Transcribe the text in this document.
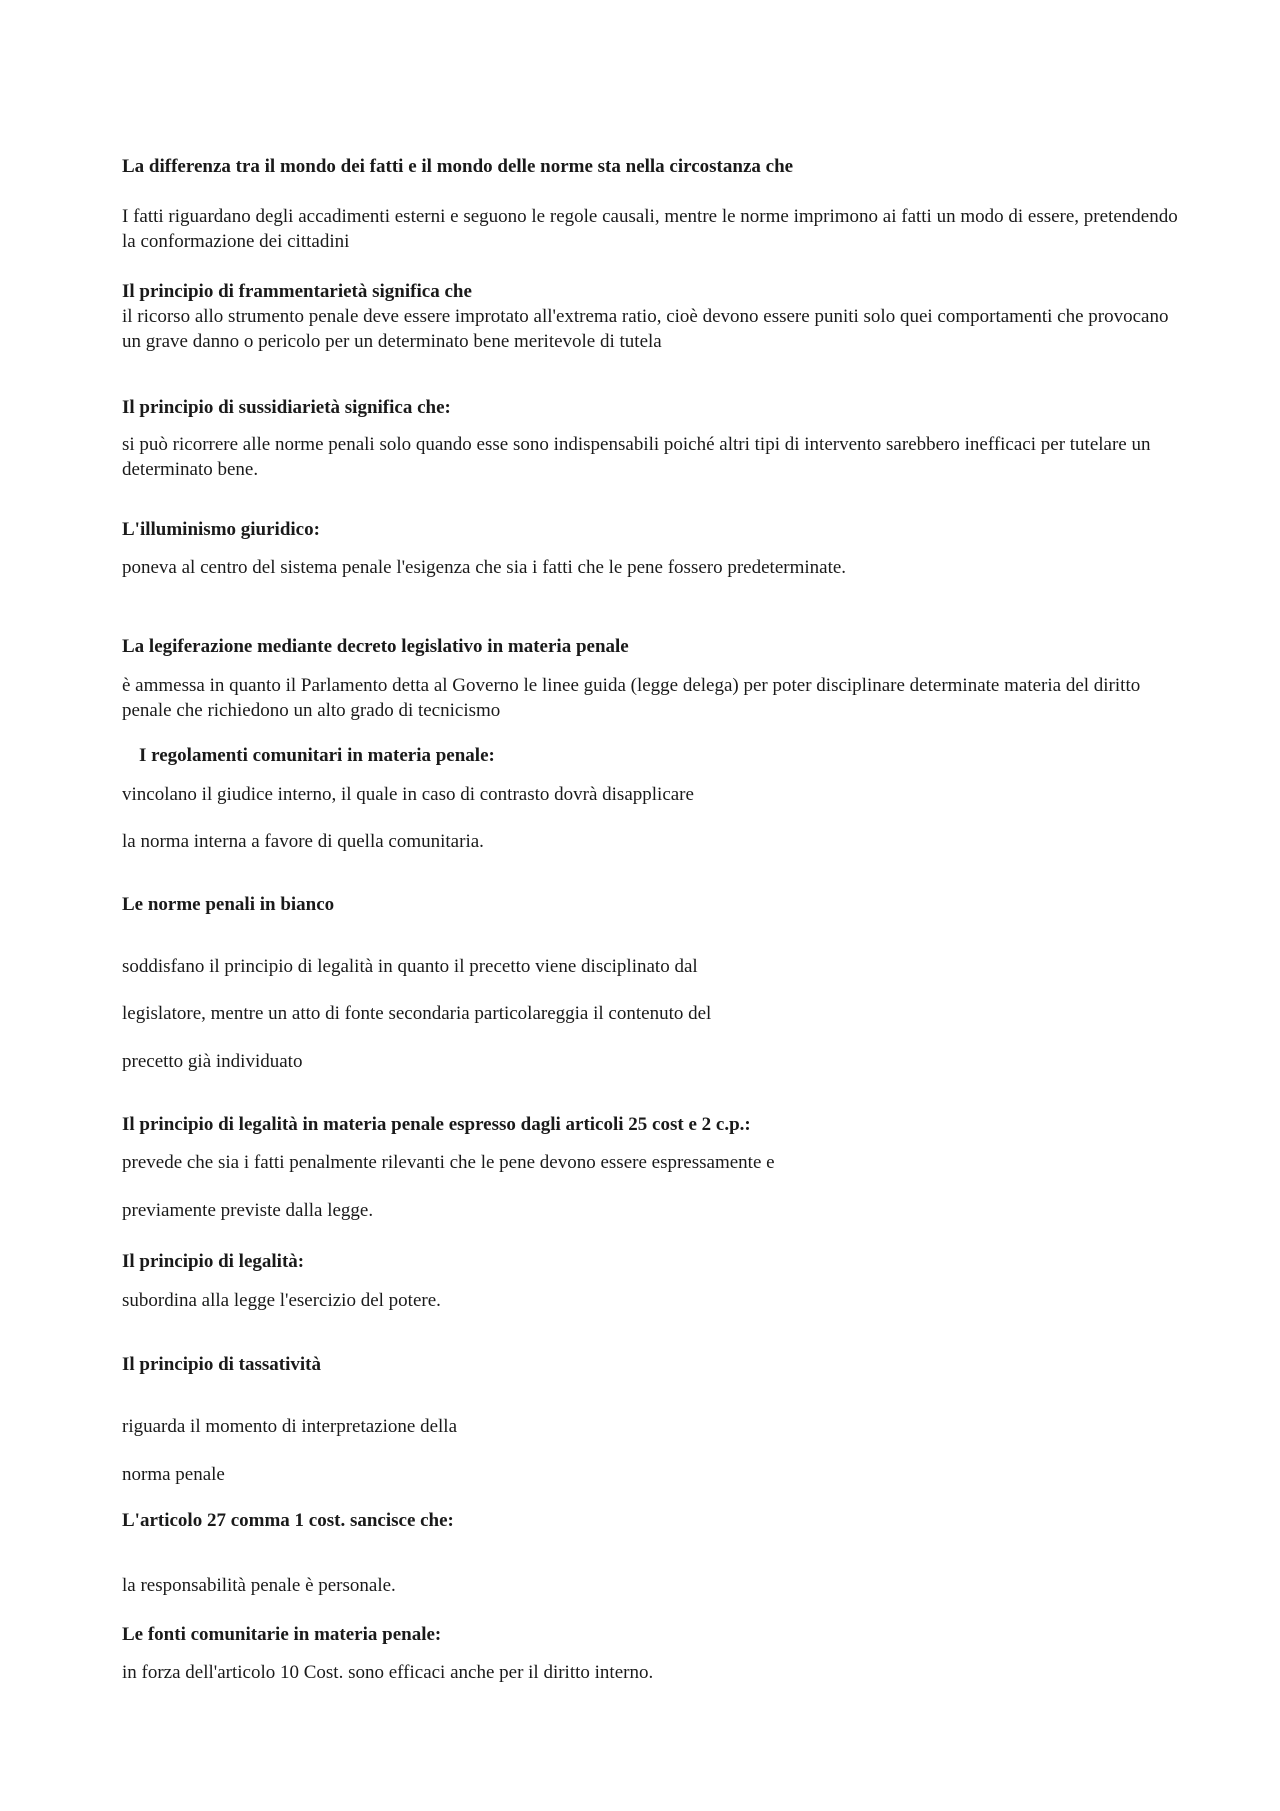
La differenza tra il mondo dei fatti e il mondo delle norme sta nella circostanza che
I fatti riguardano degli accadimenti esterni e seguono le regole causali, mentre le norme imprimono ai fatti un modo di essere, pretendendo la conformazione dei cittadini
Il principio di frammentarietà significa che
il ricorso allo strumento penale deve essere improtato all'extrema ratio, cioè devono essere puniti solo quei comportamenti che provocano un grave danno o pericolo per un determinato bene meritevole di tutela
Il principio di sussidiarietà significa che:
si può ricorrere alle norme penali solo quando esse sono indispensabili poiché altri tipi di intervento sarebbero inefficaci per tutelare un determinato bene.
L'illuminismo giuridico:
poneva al centro del sistema penale l'esigenza che sia i fatti che le pene fossero predeterminate.
La legiferazione mediante decreto legislativo in materia penale
è ammessa in quanto il Parlamento detta al Governo le linee guida (legge delega) per poter disciplinare determinate materia del diritto penale che richiedono un alto grado di tecnicismo
I regolamenti comunitari in materia penale:
vincolano il giudice interno, il quale in caso di contrasto dovrà disapplicare
la norma interna a favore di quella comunitaria.
Le norme penali in bianco
soddisfano il principio di legalità in quanto il precetto viene disciplinato dal
legislatore, mentre un atto di fonte secondaria particolareggia il contenuto del
precetto già individuato
Il principio di legalità in materia penale espresso dagli articoli 25 cost e 2 c.p.:
prevede che sia i fatti penalmente rilevanti che le pene devono essere espressamente e
previamente previste dalla legge.
Il principio di legalità:
subordina alla legge l'esercizio del potere.
Il principio di tassatività
riguarda il momento di interpretazione della
norma penale
L'articolo 27 comma 1 cost. sancisce che:
la responsabilità penale è personale.
Le fonti comunitarie in materia penale:
in forza dell'articolo 10 Cost. sono efficaci anche per il diritto interno.
